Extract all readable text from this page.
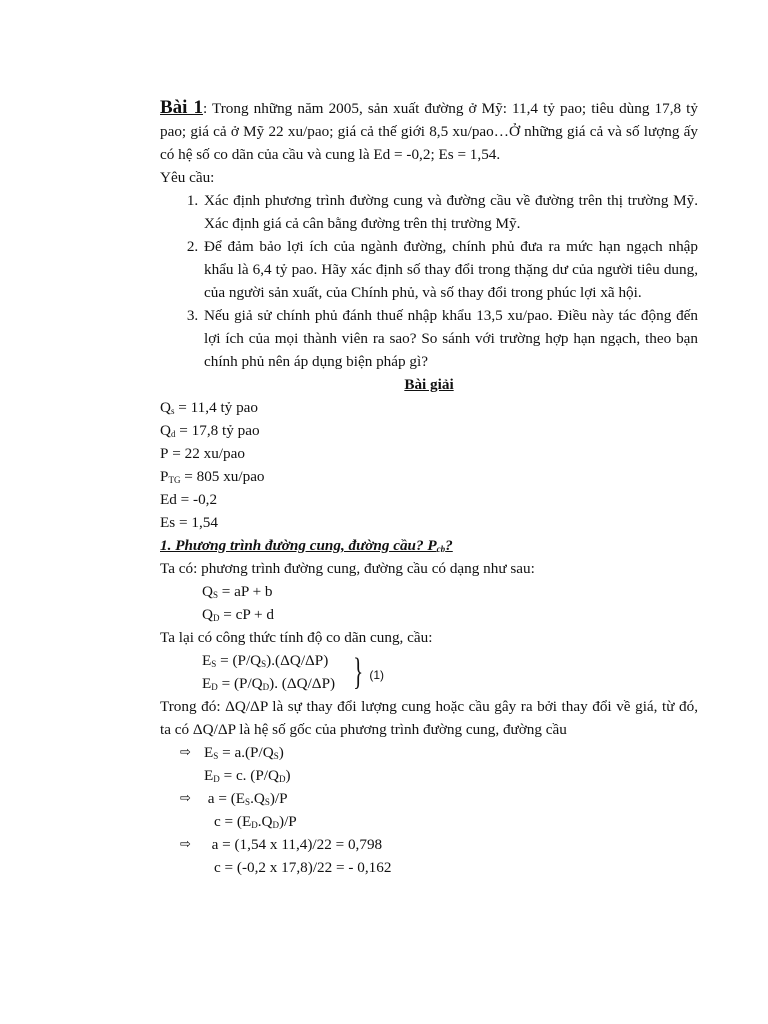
Bài 1: Trong những năm 2005, sản xuất đường ở Mỹ: 11,4 tỷ pao; tiêu dùng 17,8 tỷ pao; giá cả ở Mỹ 22 xu/pao; giá cả thế giới 8,5 xu/pao…Ở những giá cả và số lượng ấy có hệ số co dãn của cầu và cung là Ed = -0,2; Es = 1,54.

Yêu cầu:

1. Xác định phương trình đường cung và đường cầu về đường trên thị trường Mỹ. Xác định giá cả cân bằng đường trên thị trường Mỹ.
2. Để đảm bảo lợi ích của ngành đường, chính phủ đưa ra mức hạn ngạch nhập khẩu là 6,4 tỷ pao. Hãy xác định số thay đổi trong thặng dư của người tiêu dung, của người sản xuất, của Chính phủ, và số thay đổi trong phúc lợi xã hội.
3. Nếu giả sử chính phủ đánh thuế nhập khẩu 13,5 xu/pao. Điều này tác động đến lợi ích của mọi thành viên ra sao? So sánh với trường hợp hạn ngạch, theo bạn chính phủ nên áp dụng biện pháp gì?

Bài giải

$Q_s = 11,4$ tỷ pao

$Q_d = 17,8$ tỷ pao

P = 22 xu/pao

$P_{TG} = 805$ xu/pao

Ed = -0,2

Es = 1,54

1. Phương trình đường cung, đường cầu? $P_{cb}$?

Ta có: phương trình đường cung, đường cầu có dạng như sau:

$Q_S$ = aP + b

$Q_D$ = cP + d

Ta lại có công thức tính độ co dãn cung, cầu:

$E_S = (P/Q_S).(\Delta Q/\Delta P)$

$E_D = (P/Q_D)$. (ΔQ/ΔP) } (1)

Trong đó: ΔQ/ΔP là sự thay đổi lượng cung hoặc cầu gây ra bởi thay đổi về giá, từ đó, ta có ΔQ/ΔP là hệ số gốc của phương trình đường cung, đường cầu

⇨ $E_S = a.(P/Q_S)$

$E_D = c$. $(P/Q_D)$

⇨	$a = (E_S.Q_S)/P$

$c = (E_D.Q_D)/P$

⇨	a = (1,54 x 11,4)/22 = 0,798

c = (-0,2 x 17,8)/22 = - 0,162
